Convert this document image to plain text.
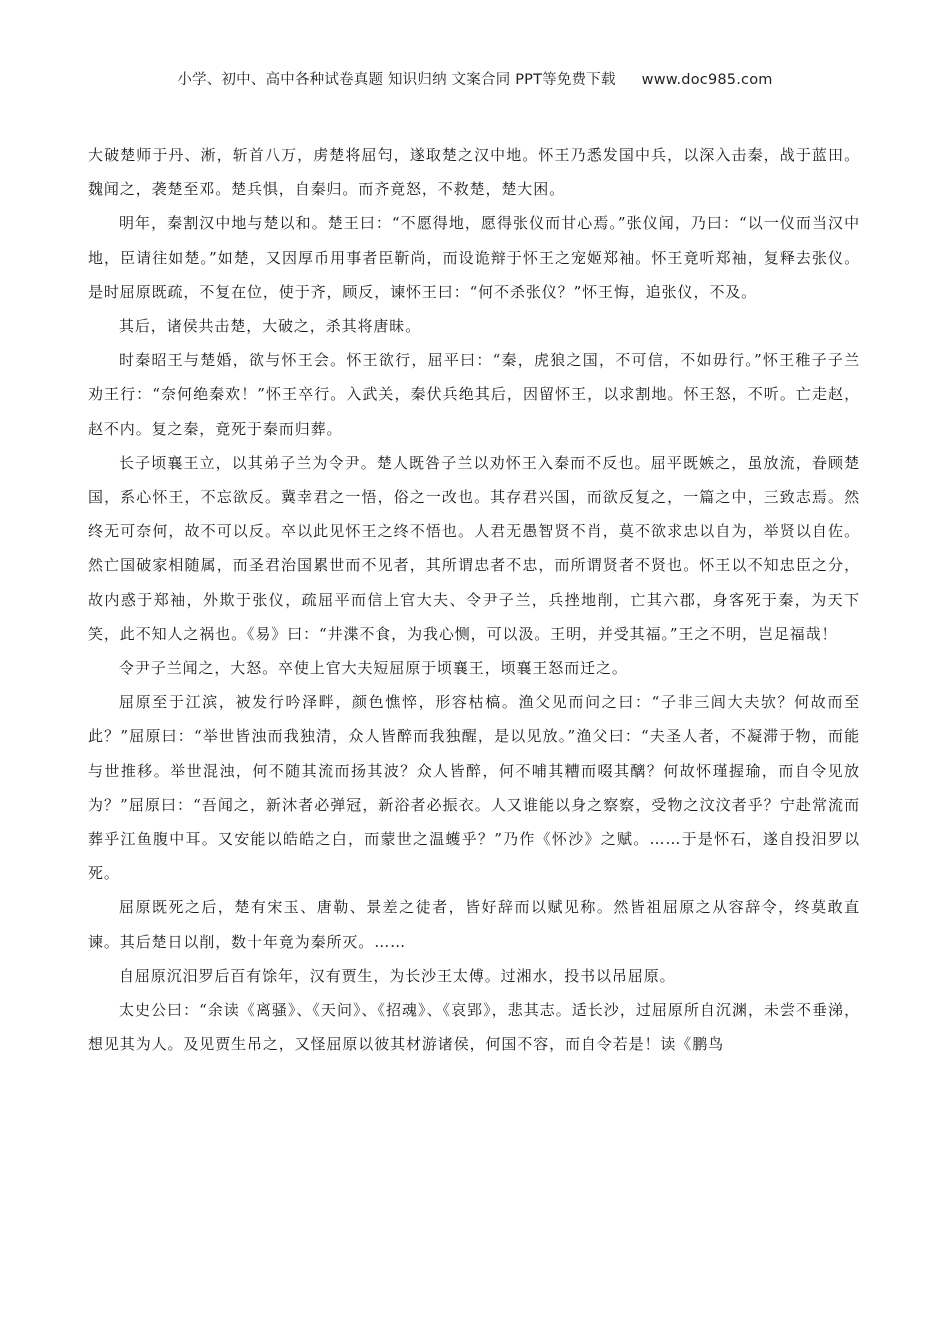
小学、初中、高中各种试卷真题 知识归纳 文案合同 PPT等免费下载 www.doc985.com

大破楚师于丹、淅，斩首八万，虏楚将屈匄，遂取楚之汉中地。怀王乃悉发国中兵，以深入击秦，战于蓝田。魏闻之，袭楚至邓。楚兵惧，自秦归。而齐竟怒，不救楚，楚大困。

明年，秦割汉中地与楚以和。楚王曰：“不愿得地，愿得张仪而甘心焉。”张仪闻，乃曰：“以一仪而当汉中地，臣请往如楚。”如楚，又因厚币用事者臣靳尚，而设诡辩于怀王之宠姬郑袖。怀王竟听郑袖，复释去张仪。是时屈原既疏，不复在位，使于齐，顾反，谏怀王曰：“何不杀张仪？”怀王悔，追张仪，不及。

其后，诸侯共击楚，大破之，杀其将唐昧。

时秦昭王与楚婚，欲与怀王会。怀王欲行，屈平曰：“秦，虎狼之国，不可信，不如毋行。”怀王稚子子兰劝王行：“奈何绝秦欢！”怀王卒行。入武关，秦伏兵绝其后，因留怀王，以求割地。怀王怒，不听。亡走赵，赵不内。复之秦，竟死于秦而归葬。

长子顷襄王立，以其弟子兰为令尹。楚人既咎子兰以劝怀王入秦而不反也。屈平既嫉之，虽放流，眷顾楚国，系心怀王，不忘欲反。冀幸君之一悟，俗之一改也。其存君兴国，而欲反复之，一篇之中，三致志焉。然终无可奈何，故不可以反。卒以此见怀王之终不悟也。人君无愚智贤不肖，莫不欲求忠以自为，举贤以自佐。然亡国破家相随属，而圣君治国累世而不见者，其所谓忠者不忠，而所谓贤者不贤也。怀王以不知忠臣之分，故内惑于郑袖，外欺于张仪，疏屈平而信上官大夫、令尹子兰，兵挫地削，亡其六郡，身客死于秦，为天下笑，此不知人之祸也。《易》曰：“井渫不食，为我心恻，可以汲。王明，并受其福。”王之不明，岂足福哉！

令尹子兰闻之，大怒。卒使上官大夫短屈原于顷襄王，顷襄王怒而迁之。

屈原至于江滨，被发行吟泽畔，颜色憔悴，形容枯槁。渔父见而问之曰：“子非三闾大夫欤？何故而至此？”屈原曰：“举世皆浊而我独清，众人皆醉而我独醒，是以见放。”渔父曰：“夫圣人者，不凝滞于物，而能与世推移。举世混浊，何不随其流而扬其波？众人皆醉，何不哺其糟而啜其醨？何故怀瑾握瑜，而自令见放为？”屈原曰：“吾闻之，新沐者必弹冠，新浴者必振衣。人又谁能以身之察察，受物之汶汶者乎？宁赴常流而葬乎江鱼腹中耳。又安能以皓皓之白，而蒙世之温蠖乎？”乃作《怀沙》之赋。……于是怀石，遂自投汨罗以死。

屈原既死之后，楚有宋玉、唐勒、景差之徒者，皆好辞而以赋见称。然皆祖屈原之从容辞令，终莫敢直谏。其后楚日以削，数十年竟为秦所灭。……

自屈原沉汨罗后百有馀年，汉有贾生，为长沙王太傅。过湘水，投书以吊屈原。

太史公曰：“余读《离骚》、《天问》、《招魂》、《哀郢》，悲其志。适长沙，过屈原所自沉渊，未尝不垂涕，想见其为人。及见贾生吊之，又怪屈原以彼其材游诸侯，何国不容，而自令若是！读《鹏鸟
